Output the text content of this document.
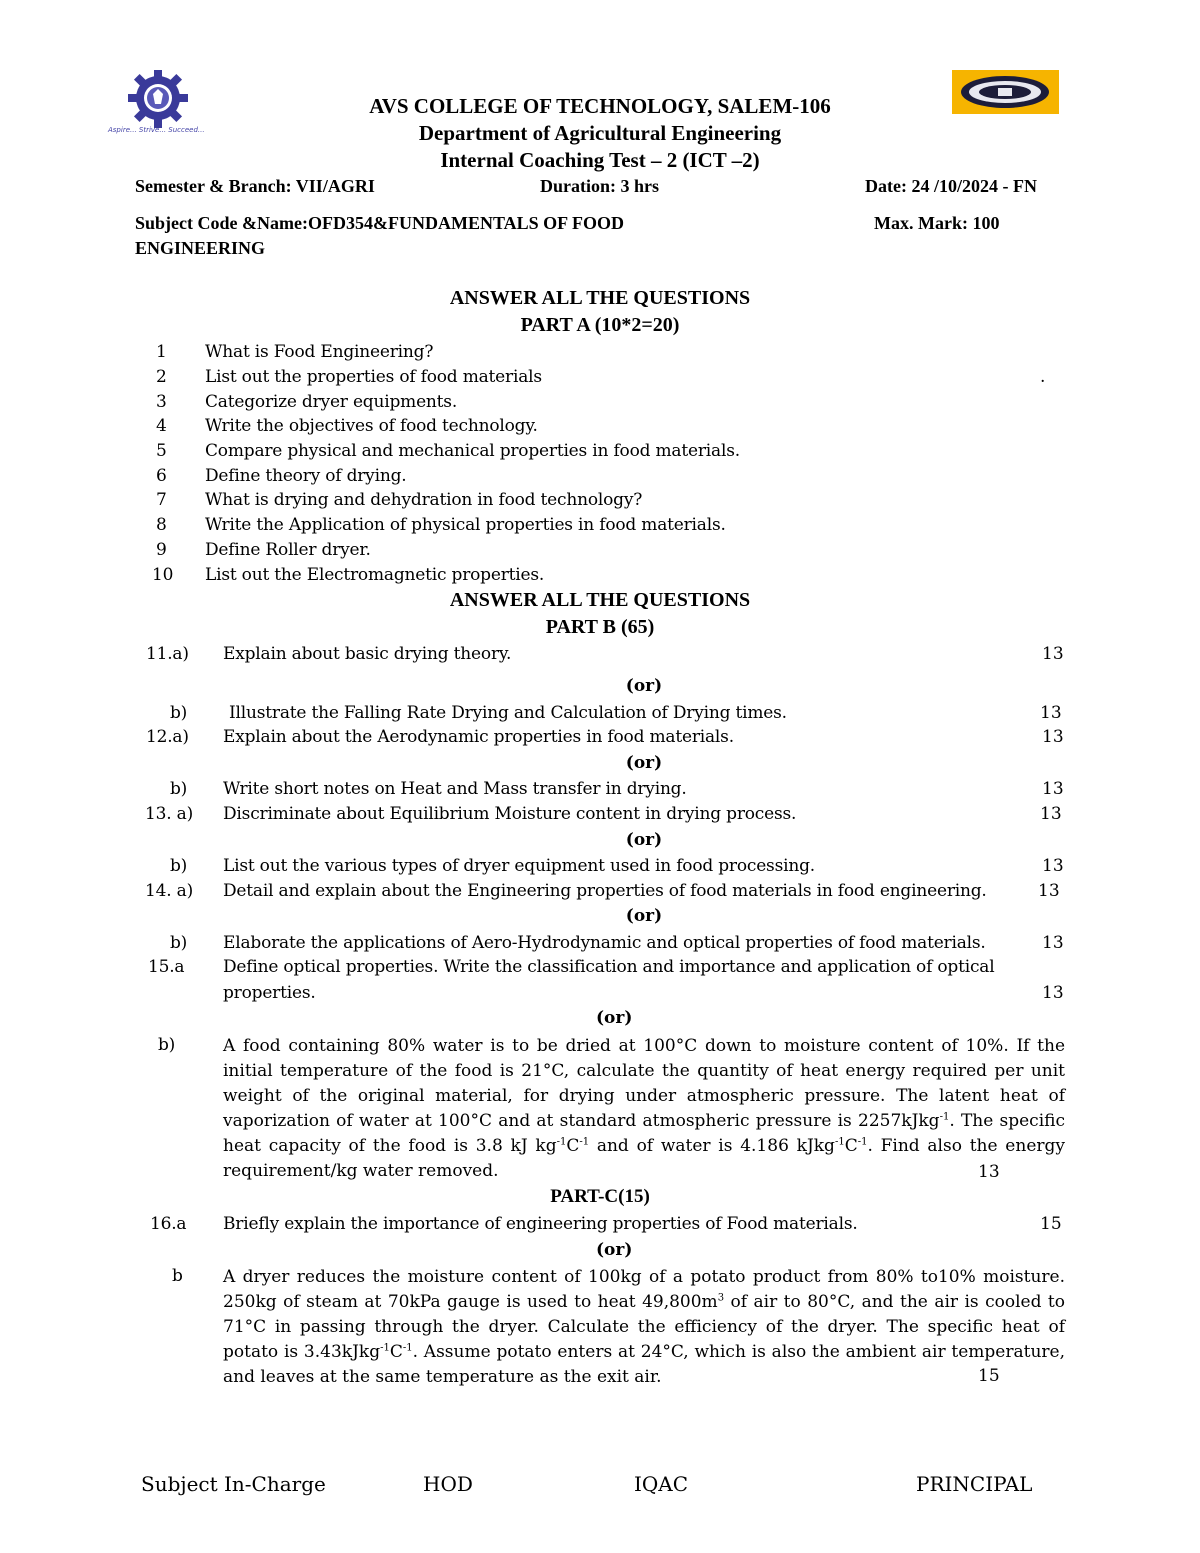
Aspire... Strive... Succeed...
AVS COLLEGE OF TECHNOLOGY, SALEM-106
Department of Agricultural Engineering
Internal Coaching Test – 2 (ICT –2)
Semester & Branch: VII/AGRI	Duration: 3 hrs	Date: 24 /10/2024 - FN
Subject Code &Name:OFD354&FUNDAMENTALS OF FOOD
ENGINEERING
Max. Mark: 100
ANSWER ALL THE QUESTIONS
PART A (10*2=20)
1 What is Food Engineering?
2 List out the properties of food materials	.
3 Categorize dryer equipments.
4 Write the objectives of food technology.
5 Compare physical and mechanical properties in food materials.
6 Define theory of drying.
7 What is drying and dehydration in food technology?
8 Write the Application of physical properties in food materials.
9 Define Roller dryer.
10 List out the Electromagnetic properties.
ANSWER ALL THE QUESTIONS
PART B (65)
11.a) Explain about basic drying theory.	13
(or)
b) Illustrate the Falling Rate Drying and Calculation of Drying times.	13
12.a) Explain about the Aerodynamic properties in food materials.	13
(or)
b) Write short notes on Heat and Mass transfer in drying.	13
13. a) Discriminate about Equilibrium Moisture content in drying process.	13
(or)
b) List out the various types of dryer equipment used in food processing.	13
14. a) Detail and explain about the Engineering properties of food materials in food engineering.	13
(or)
b) Elaborate the applications of Aero-Hydrodynamic and optical properties of food materials.	13
15.a Define optical properties. Write the classification and importance and application of optical
properties.	13
(or)
b)	A food containing 80% water is to be dried at 100°C down to moisture content of 10%. If the initial temperature of the food is 21°C, calculate the quantity of heat energy required per unit weight of the original material, for drying under atmospheric pressure. The latent heat of vaporization of water at 100°C and at standard atmospheric pressure is 2257kJkg$^{-1}$. The specific heat capacity of the food is 3.8 kJ $kg^{-1}C^{-1}$ and of water is 4.186 $kJkg^{-1}C^{-1}$. Find also the energy requirement/kg water removed.	13
PART-C(15)
16.a Briefly explain the importance of engineering properties of Food materials.	15
(or)
b A dryer reduces the moisture content of 100kg of a potato product from 80% to10% moisture. 250kg of steam at 70kPa gauge is used to heat $49,800m^3$ of air to 80°C, and the air is cooled to 71°C in passing through the dryer. Calculate the efficiency of the dryer. The specific heat of potato is $3.43kJkg^{-1}C^{-1}$. Assume potato enters at 24°C, which is also the ambient air temperature, and leaves at the same temperature as the exit air.	15
Subject In-Charge	HOD	IQAC	PRINCIPAL
